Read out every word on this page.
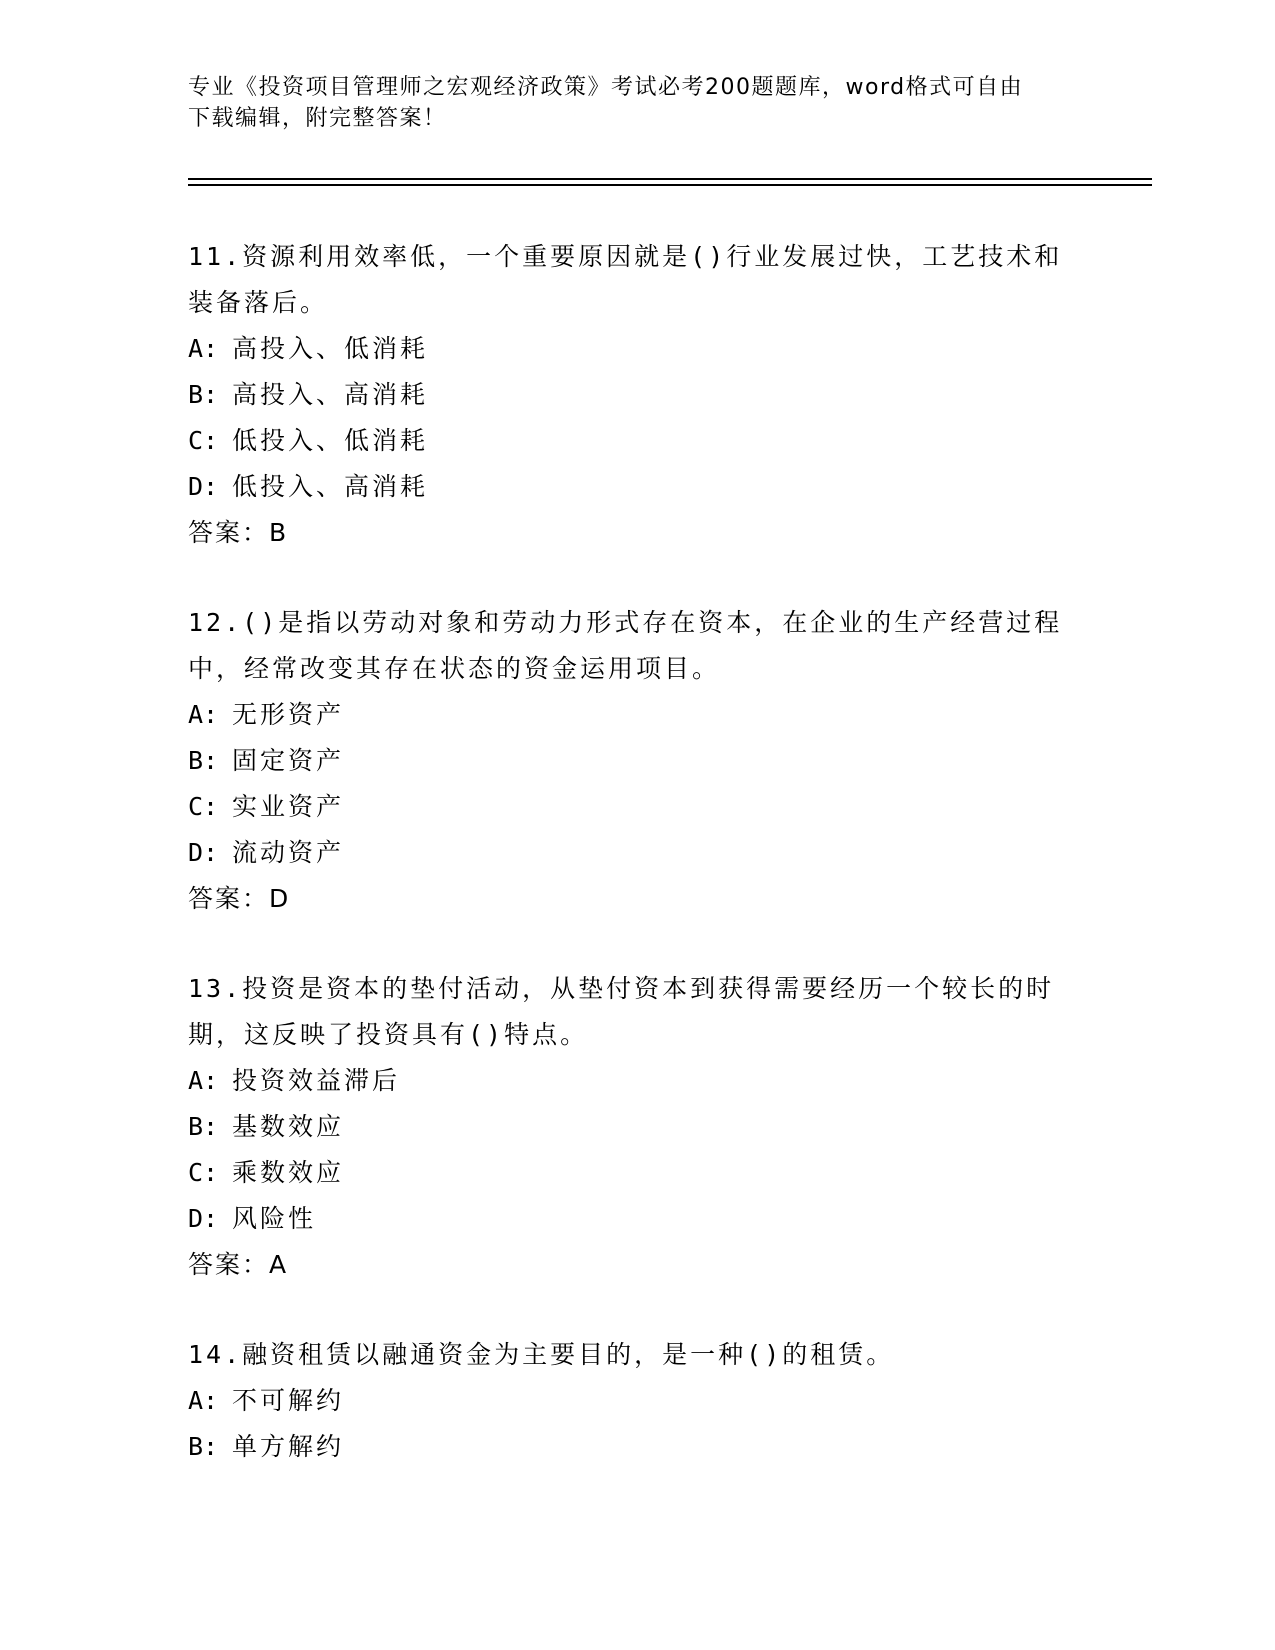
专业《投资项目管理师之宏观经济政策》考试必考200题题库，word格式可自由
下载编辑，附完整答案！
11.资源利用效率低，一个重要原因就是()行业发展过快，工艺技术和
装备落后。
A: 高投入、低消耗
B: 高投入、高消耗
C: 低投入、低消耗
D: 低投入、高消耗
答案：B
12.()是指以劳动对象和劳动力形式存在资本，在企业的生产经营过程
中，经常改变其存在状态的资金运用项目。
A: 无形资产
B: 固定资产
C: 实业资产
D: 流动资产
答案：D
13.投资是资本的垫付活动，从垫付资本到获得需要经历一个较长的时
期，这反映了投资具有()特点。
A: 投资效益滞后
B: 基数效应
C: 乘数效应
D: 风险性
答案：A
14.融资租赁以融通资金为主要目的，是一种()的租赁。
A: 不可解约
B: 单方解约
